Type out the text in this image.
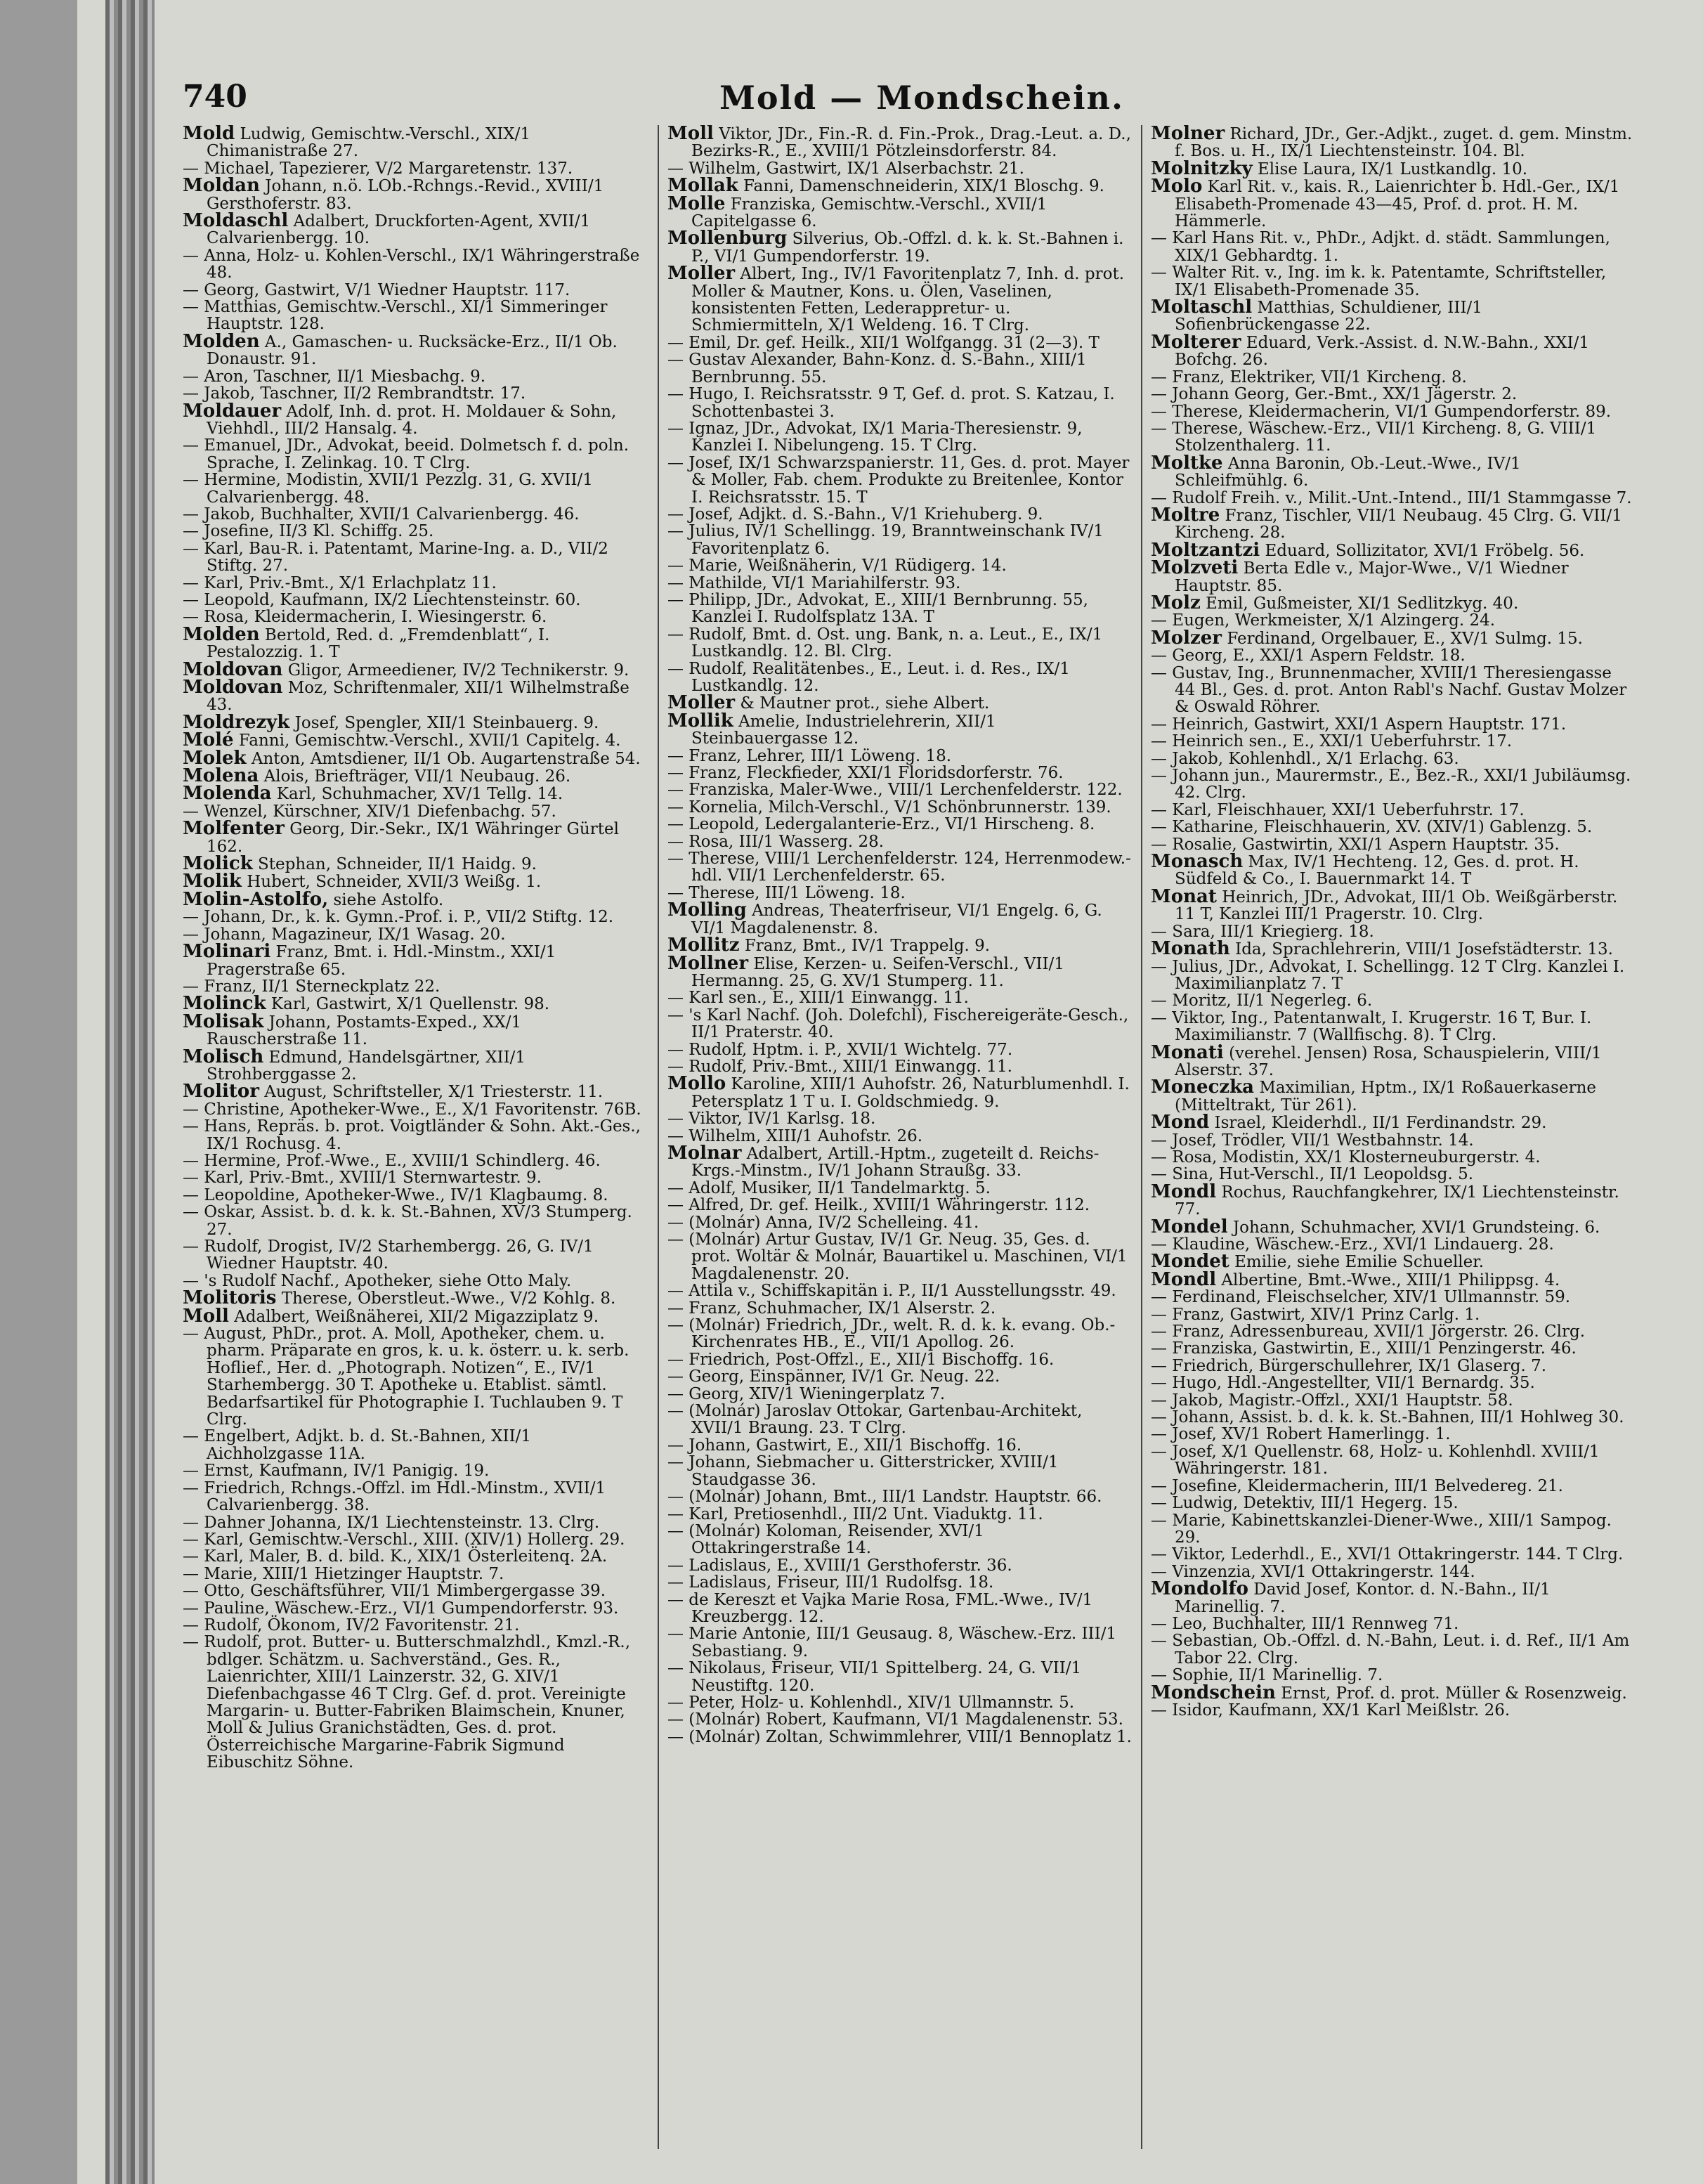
740	Mold — Mondschein.

Mold Ludwig, Gemischtw.-Verschl., XIX/1 Chimanistraße 27.

— Michael, Tapezierer, V/2 Margaretenstr. 137.

Moldan Johann, n.ö. LOb.-Rchngs.-Revid., XVIII/1 Gersthoferstr. 83.

Moldaschl Adalbert, Druckforten-Agent, XVII/1 Calvarienbergg. 10.

— Anna, Holz- u. Kohlen-Verschl., IX/1 Währingerstraße 48.

— Georg, Gastwirt, V/1 Wiedner Hauptstr. 117.

— Matthias, Gemischtw.-Verschl., XI/1 Simmeringer Hauptstr. 128.

Molden A., Gamaschen- u. Rucksäcke-Erz., II/1 Ob. Donaustr. 91.

— Aron, Taschner, II/1 Miesbachg. 9.

— Jakob, Taschner, II/2 Rembrandtstr. 17.

Moldauer Adolf, Inh. d. prot. H. Moldauer & Sohn, Viehhdl., III/2 Hansalg. 4.

— Emanuel, JDr., Advokat, beeid. Dolmetsch f. d. poln. Sprache, I. Zelinkag. 10. T Clrg.

— Hermine, Modistin, XVII/1 Pezzlg. 31, G. XVII/1 Calvarienbergg. 48.

— Jakob, Buchhalter, XVII/1 Calvarienbergg. 46.

— Josefine, II/3 Kl. Schiffg. 25.

— Karl, Bau-R. i. Patentamt, Marine-Ing. a. D., VII/2 Stiftg. 27.

— Karl, Priv.-Bmt., X/1 Erlachplatz 11.

— Leopold, Kaufmann, IX/2 Liechtensteinstr. 60.

— Rosa, Kleidermacherin, I. Wiesingerstr. 6.

Molden Bertold, Red. d. „Fremdenblatt“, I. Pestalozzig. 1. T

Moldovan Gligor, Armeediener, IV/2 Technikerstr. 9.

Moldovan Moz, Schriftenmaler, XII/1 Wilhelmstraße 43.

Moldrezyk Josef, Spengler, XII/1 Steinbauerg. 9.

Molé Fanni, Gemischtw.-Verschl., XVII/1 Capitelg. 4.

Molek Anton, Amtsdiener, II/1 Ob. Augartenstraße 54.

Molena Alois, Briefträger, VII/1 Neubaug. 26.

Molenda Karl, Schuhmacher, XV/1 Tellg. 14.

— Wenzel, Kürschner, XIV/1 Diefenbachg. 57.

Molfenter Georg, Dir.-Sekr., IX/1 Währinger Gürtel 162.

Molick Stephan, Schneider, II/1 Haidg. 9.

Molik Hubert, Schneider, XVII/3 Weißg. 1.

Molin-Astolfo, siehe Astolfo.

— Johann, Dr., k. k. Gymn.-Prof. i. P., VII/2 Stiftg. 12.

— Johann, Magazineur, IX/1 Wasag. 20.

Molinari Franz, Bmt. i. Hdl.-Minstm., XXI/1 Pragerstraße 65.

— Franz, II/1 Sterneckplatz 22.

Molinck Karl, Gastwirt, X/1 Quellenstr. 98.

Molisak Johann, Postamts-Exped., XX/1 Rauscherstraße 11.

Molisch Edmund, Handelsgärtner, XII/1 Strohberggasse 2.

Molitor August, Schriftsteller, X/1 Triesterstr. 11.

— Christine, Apotheker-Wwe., E., X/1 Favoritenstr. 76B.

— Hans, Repräs. b. prot. Voigtländer & Sohn. Akt.-Ges., IX/1 Rochusg. 4.

— Hermine, Prof.-Wwe., E., XVIII/1 Schindlerg. 46.

— Karl, Priv.-Bmt., XVIII/1 Sternwartestr. 9.

— Leopoldine, Apotheker-Wwe., IV/1 Klagbaumg. 8.

— Oskar, Assist. b. d. k. k. St.-Bahnen, XV/3 Stumperg. 27.

— Rudolf, Drogist, IV/2 Starhembergg. 26, G. IV/1 Wiedner Hauptstr. 40.

— 's Rudolf Nachf., Apotheker, siehe Otto Maly.

Molitoris Therese, Oberstleut.-Wwe., V/2 Kohlg. 8.

Moll Adalbert, Weißnäherei, XII/2 Migazziplatz 9.

— August, PhDr., prot. A. Moll, Apotheker, chem. u. pharm. Präparate en gros, k. u. k. österr. u. k. serb. Hoflief., Her. d. „Photograph. Notizen“, E., IV/1 Starhembergg. 30 T. Apotheke u. Etablist. sämtl. Bedarfsartikel für Photographie I. Tuchlauben 9. T Clrg.

— Engelbert, Adjkt. b. d. St.-Bahnen, XII/1 Aichholzgasse 11A.

— Ernst, Kaufmann, IV/1 Panigig. 19.

— Friedrich, Rchngs.-Offzl. im Hdl.-Minstm., XVII/1 Calvarienbergg. 38.

— Dahner Johanna, IX/1 Liechtensteinstr. 13. Clrg.

— Karl, Gemischtw.-Verschl., XIII. (XIV/1) Hollerg. 29.

— Karl, Maler, B. d. bild. K., XIX/1 Österleitenq. 2A.

— Marie, XIII/1 Hietzinger Hauptstr. 7.

— Otto, Geschäftsführer, VII/1 Mimbergergasse 39.

— Pauline, Wäschew.-Erz., VI/1 Gumpendorferstr. 93.

— Rudolf, Ökonom, IV/2 Favoritenstr. 21.

— Rudolf, prot. Butter- u. Butterschmalzhdl., Kmzl.-R., bdlger. Schätzm. u. Sachverständ., Ges. R., Laienrichter, XIII/1 Lainzerstr. 32, G. XIV/1 Diefenbachgasse 46 T Clrg. Gef. d. prot. Vereinigte Margarin- u. Butter-Fabriken Blaimschein, Knuner, Moll & Julius Granichstädten, Ges. d. prot. Österreichische Margarine-Fabrik Sigmund Eibuschitz Söhne.

Moll Viktor, JDr., Fin.-R. d. Fin.-Prok., Drag.-Leut. a. D., Bezirks-R., E., XVIII/1 Pötzleinsdorferstr. 84.

— Wilhelm, Gastwirt, IX/1 Alserbachstr. 21.

Mollak Fanni, Damenschneiderin, XIX/1 Bloschg. 9.

Molle Franziska, Gemischtw.-Verschl., XVII/1 Capitelgasse 6.

Mollenburg Silverius, Ob.-Offzl. d. k. k. St.-Bahnen i. P., VI/1 Gumpendorferstr. 19.

Moller Albert, Ing., IV/1 Favoritenplatz 7, Inh. d. prot. Moller & Mautner, Kons. u. Ölen, Vaselinen, konsistenten Fetten, Lederappretur- u. Schmiermitteln, X/1 Weldeng. 16. T Clrg.

— Emil, Dr. gef. Heilk., XII/1 Wolfgangg. 31 (2—3). T

— Gustav Alexander, Bahn-Konz. d. S.-Bahn., XIII/1 Bernbrunng. 55.

— Hugo, I. Reichsratsstr. 9 T, Gef. d. prot. S. Katzau, I. Schottenbastei 3.

— Ignaz, JDr., Advokat, IX/1 Maria-Theresienstr. 9, Kanzlei I. Nibelungeng. 15. T Clrg.

— Josef, IX/1 Schwarzspanierstr. 11, Ges. d. prot. Mayer & Moller, Fab. chem. Produkte zu Breitenlee, Kontor I. Reichsratsstr. 15. T

— Josef, Adjkt. d. S.-Bahn., V/1 Kriehuberg. 9.

— Julius, IV/1 Schellingg. 19, Branntweinschank IV/1 Favoritenplatz 6.

— Marie, Weißnäherin, V/1 Rüdigerg. 14.

— Mathilde, VI/1 Mariahilferstr. 93.

— Philipp, JDr., Advokat, E., XIII/1 Bernbrunng. 55, Kanzlei I. Rudolfsplatz 13A. T

— Rudolf, Bmt. d. Ost. ung. Bank, n. a. Leut., E., IX/1 Lustkandlg. 12. Bl. Clrg.

— Rudolf, Realitätenbes., E., Leut. i. d. Res., IX/1 Lustkandlg. 12.

Moller & Mautner prot., siehe Albert.

Mollik Amelie, Industrielehrerin, XII/1 Steinbauergasse 12.

— Franz, Lehrer, III/1 Löweng. 18.

— Franz, Fleckfieder, XXI/1 Floridsdorferstr. 76.

— Franziska, Maler-Wwe., VIII/1 Lerchenfelderstr. 122.

— Kornelia, Milch-Verschl., V/1 Schönbrunnerstr. 139.

— Leopold, Ledergalanterie-Erz., VI/1 Hirscheng. 8.

— Rosa, III/1 Wasserg. 28.

— Therese, VIII/1 Lerchenfelderstr. 124, Herrenmodew.-hdl. VII/1 Lerchenfelderstr. 65.

— Therese, III/1 Löweng. 18.

Molling Andreas, Theaterfriseur, VI/1 Engelg. 6, G. VI/1 Magdalenenstr. 8.

Mollitz Franz, Bmt., IV/1 Trappelg. 9.

Mollner Elise, Kerzen- u. Seifen-Verschl., VII/1 Hermanng. 25, G. XV/1 Stumperg. 11.

— Karl sen., E., XIII/1 Einwangg. 11.

— 's Karl Nachf. (Joh. Dolefchl), Fischereigeräte-Gesch., II/1 Praterstr. 40.

— Rudolf, Hptm. i. P., XVII/1 Wichtelg. 77.

— Rudolf, Priv.-Bmt., XIII/1 Einwangg. 11.

Mollo Karoline, XIII/1 Auhofstr. 26, Naturblumenhdl. I. Petersplatz 1 T u. I. Goldschmiedg. 9.

— Viktor, IV/1 Karlsg. 18.

— Wilhelm, XIII/1 Auhofstr. 26.

Molnar Adalbert, Artill.-Hptm., zugeteilt d. Reichs-Krgs.-Minstm., IV/1 Johann Straußg. 33.

— Adolf, Musiker, II/1 Tandelmarktg. 5.

— Alfred, Dr. gef. Heilk., XVIII/1 Währingerstr. 112.

— (Molnár) Anna, IV/2 Schelleing. 41.

— (Molnár) Artur Gustav, IV/1 Gr. Neug. 35, Ges. d. prot. Woltär & Molnár, Bauartikel u. Maschinen, VI/1 Magdalenenstr. 20.

— Attila v., Schiffskapitän i. P., II/1 Ausstellungsstr. 49.

— Franz, Schuhmacher, IX/1 Alserstr. 2.

— (Molnár) Friedrich, JDr., welt. R. d. k. k. evang. Ob.-Kirchenrates HB., E., VII/1 Apollog. 26.

— Friedrich, Post-Offzl., E., XII/1 Bischoffg. 16.

— Georg, Einspänner, IV/1 Gr. Neug. 22.

— Georg, XIV/1 Wieningerplatz 7.

— (Molnár) Jaroslav Ottokar, Gartenbau-Architekt, XVII/1 Braung. 23. T Clrg.

— Johann, Gastwirt, E., XII/1 Bischoffg. 16.

— Johann, Siebmacher u. Gitterstricker, XVIII/1 Staudgasse 36.

— (Molnár) Johann, Bmt., III/1 Landstr. Hauptstr. 66.

— Karl, Pretiosenhdl., III/2 Unt. Viaduktg. 11.

— (Molnár) Koloman, Reisender, XVI/1 Ottakringerstraße 14.

— Ladislaus, E., XVIII/1 Gersthoferstr. 36.

— Ladislaus, Friseur, III/1 Rudolfsg. 18.

— de Kereszt et Vajka Marie Rosa, FML.-Wwe., IV/1 Kreuzbergg. 12.

— Marie Antonie, III/1 Geusaug. 8, Wäschew.-Erz. III/1 Sebastiang. 9.

— Nikolaus, Friseur, VII/1 Spittelberg. 24, G. VII/1 Neustiftg. 120.

— Peter, Holz- u. Kohlenhdl., XIV/1 Ullmannstr. 5.

— (Molnár) Robert, Kaufmann, VI/1 Magdalenenstr. 53.

— (Molnár) Zoltan, Schwimmlehrer, VIII/1 Bennoplatz 1.

Molner Richard, JDr., Ger.-Adjkt., zuget. d. gem. Minstm. f. Bos. u. H., IX/1 Liechtensteinstr. 104. Bl.

Molnitzky Elise Laura, IX/1 Lustkandlg. 10.

Molo Karl Rit. v., kais. R., Laienrichter b. Hdl.-Ger., IX/1 Elisabeth-Promenade 43—45, Prof. d. prot. H. M. Hämmerle.

— Karl Hans Rit. v., PhDr., Adjkt. d. städt. Sammlungen, XIX/1 Gebhardtg. 1.

— Walter Rit. v., Ing. im k. k. Patentamte, Schriftsteller, IX/1 Elisabeth-Promenade 35.

Moltaschl Matthias, Schuldiener, III/1 Sofienbrückengasse 22.

Molterer Eduard, Verk.-Assist. d. N.W.-Bahn., XXI/1 Bofchg. 26.

— Franz, Elektriker, VII/1 Kircheng. 8.

— Johann Georg, Ger.-Bmt., XX/1 Jägerstr. 2.

— Therese, Kleidermacherin, VI/1 Gumpendorferstr. 89.

— Therese, Wäschew.-Erz., VII/1 Kircheng. 8, G. VIII/1 Stolzenthalerg. 11.

Moltke Anna Baronin, Ob.-Leut.-Wwe., IV/1 Schleifmühlg. 6.

— Rudolf Freih. v., Milit.-Unt.-Intend., III/1 Stammgasse 7.

Moltre Franz, Tischler, VII/1 Neubaug. 45 Clrg. G. VII/1 Kircheng. 28.

Moltzantzi Eduard, Sollizitator, XVI/1 Fröbelg. 56.

Molzveti Berta Edle v., Major-Wwe., V/1 Wiedner Hauptstr. 85.

Molz Emil, Gußmeister, XI/1 Sedlitzkyg. 40.

— Eugen, Werkmeister, X/1 Alzingerg. 24.

Molzer Ferdinand, Orgelbauer, E., XV/1 Sulmg. 15.

— Georg, E., XXI/1 Aspern Feldstr. 18.

— Gustav, Ing., Brunnenmacher, XVIII/1 Theresiengasse 44 Bl., Ges. d. prot. Anton Rabl's Nachf. Gustav Molzer & Oswald Röhrer.

— Heinrich, Gastwirt, XXI/1 Aspern Hauptstr. 171.

— Heinrich sen., E., XXI/1 Ueberfuhrstr. 17.

— Jakob, Kohlenhdl., X/1 Erlachg. 63.

— Johann jun., Maurermstr., E., Bez.-R., XXI/1 Jubiläumsg. 42. Clrg.

— Karl, Fleischhauer, XXI/1 Ueberfuhrstr. 17.

— Katharine, Fleischhauerin, XV. (XIV/1) Gablenzg. 5.

— Rosalie, Gastwirtin, XXI/1 Aspern Hauptstr. 35.

Monasch Max, IV/1 Hechteng. 12, Ges. d. prot. H. Südfeld & Co., I. Bauernmarkt 14. T

Monat Heinrich, JDr., Advokat, III/1 Ob. Weißgärberstr. 11 T, Kanzlei III/1 Pragerstr. 10. Clrg.

— Sara, III/1 Kriegierg. 18.

Monath Ida, Sprachlehrerin, VIII/1 Josefstädterstr. 13.

— Julius, JDr., Advokat, I. Schellingg. 12 T Clrg. Kanzlei I. Maximilianplatz 7. T

— Moritz, II/1 Negerleg. 6.

— Viktor, Ing., Patentanwalt, I. Krugerstr. 16 T, Bur. I. Maximilianstr. 7 (Wallfischg. 8). T Clrg.

Monati (verehel. Jensen) Rosa, Schauspielerin, VIII/1 Alserstr. 37.

Moneczka Maximilian, Hptm., IX/1 Roßauerkaserne (Mitteltrakt, Tür 261).

Mond Israel, Kleiderhdl., II/1 Ferdinandstr. 29.

— Josef, Trödler, VII/1 Westbahnstr. 14.

— Rosa, Modistin, XX/1 Klosterneuburgerstr. 4.

— Sina, Hut-Verschl., II/1 Leopoldsg. 5.

Mondl Rochus, Rauchfangkehrer, IX/1 Liechtensteinstr. 77.

Mondel Johann, Schuhmacher, XVI/1 Grundsteing. 6.

— Klaudine, Wäschew.-Erz., XVI/1 Lindauerg. 28.

Mondet Emilie, siehe Emilie Schueller.

Mondl Albertine, Bmt.-Wwe., XIII/1 Philippsg. 4.

— Ferdinand, Fleischselcher, XIV/1 Ullmannstr. 59.

— Franz, Gastwirt, XIV/1 Prinz Carlg. 1.

— Franz, Adressenbureau, XVII/1 Jörgerstr. 26. Clrg.

— Franziska, Gastwirtin, E., XIII/1 Penzingerstr. 46.

— Friedrich, Bürgerschullehrer, IX/1 Glaserg. 7.

— Hugo, Hdl.-Angestellter, VII/1 Bernardg. 35.

— Jakob, Magistr.-Offzl., XXI/1 Hauptstr. 58.

— Johann, Assist. b. d. k. k. St.-Bahnen, III/1 Hohlweg 30.

— Josef, XV/1 Robert Hamerlingg. 1.

— Josef, X/1 Quellenstr. 68, Holz- u. Kohlenhdl. XVIII/1 Währingerstr. 181.

— Josefine, Kleidermacherin, III/1 Belvedereg. 21.

— Ludwig, Detektiv, III/1 Hegerg. 15.

— Marie, Kabinettskanzlei-Diener-Wwe., XIII/1 Sampog. 29.

— Viktor, Lederhdl., E., XVI/1 Ottakringerstr. 144. T Clrg.

— Vinzenzia, XVI/1 Ottakringerstr. 144.

Mondolfo David Josef, Kontor. d. N.-Bahn., II/1 Marinellig. 7.

— Leo, Buchhalter, III/1 Rennweg 71.

— Sebastian, Ob.-Offzl. d. N.-Bahn, Leut. i. d. Ref., II/1 Am Tabor 22. Clrg.

— Sophie, II/1 Marinellig. 7.

Mondschein Ernst, Prof. d. prot. Müller & Rosenzweig.

— Isidor, Kaufmann, XX/1 Karl Meißlstr. 26.
